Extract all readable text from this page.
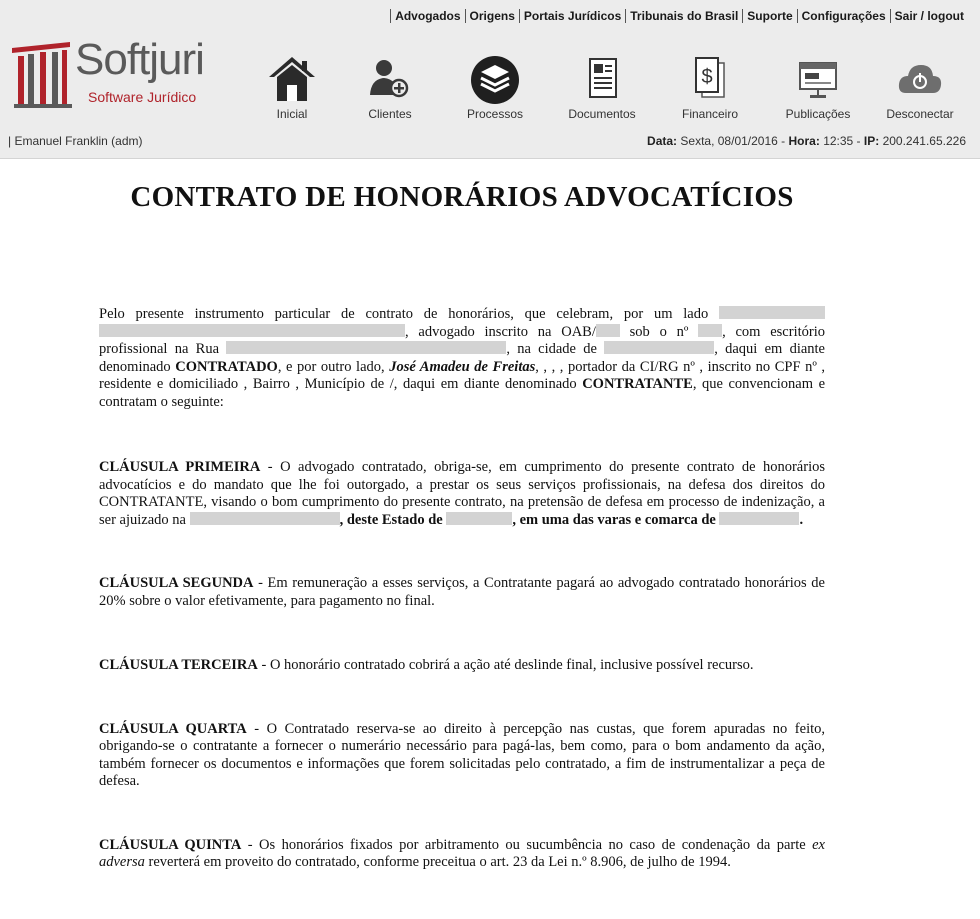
Advogados Origens Portais Jurídicos Tribunais do Brasil Suporte Configurações Sair / logout
Softjuri
Software Jurídico
Inicial	Clientes	Processos	Documentos
$
Financeiro	Publicações	Desconectar
| Emanuel Franklin (adm)	Data: Sexta, 08/01/2016 - Hora: 12:35 - IP: 200.241.65.226
CONTRATO DE HONORÁRIOS ADVOCATÍCIOS

Pelo presente instrumento particular de contrato de honorários, que celebram, por um lado  , advogado inscrito na OAB/ sob o nº , com escritório profissional na Rua	, na cidade de	, daqui em diante denominado CONTRATADO, e por outro lado, José Amadeu de Freitas, , , , portador da CI/RG nº , inscrito no CPF nº , residente e domiciliado , Bairro , Município de /, daqui em diante denominado CONTRATANTE, que convencionam e contratam o seguinte:

CLÁUSULA PRIMEIRA - O advogado contratado, obriga-se, em cumprimento do presente contrato de honorários advocatícios e do mandato que lhe foi outorgado, a prestar os seus serviços profissionais, na defesa dos direitos do CONTRATANTE, visando o bom cumprimento do presente contrato, na pretensão de defesa em processo de indenização, a ser ajuizado na	, deste Estado de	, em uma das varas e comarca de	.

CLÁUSULA SEGUNDA - Em remuneração a esses serviços, a Contratante pagará ao advogado contratado honorários de 20% sobre o valor efetivamente, para pagamento no final.

CLÁUSULA TERCEIRA - O honorário contratado cobrirá a ação até deslinde final, inclusive possível recurso.

CLÁUSULA QUARTA - O Contratado reserva-se ao direito à percepção nas custas, que forem apuradas no feito, obrigando-se o contratante a fornecer o numerário necessário para pagá-las, bem como, para o bom andamento da ação, também fornecer os documentos e informações que forem solicitadas pelo contratado, a fim de instrumentalizar a peça de defesa.

CLÁUSULA QUINTA - Os honorários fixados por arbitramento ou sucumbência no caso de condenação da parte ex adversa reverterá em proveito do contratado, conforme preceitua o art. 23 da Lei n.º 8.906, de julho de 1994.
